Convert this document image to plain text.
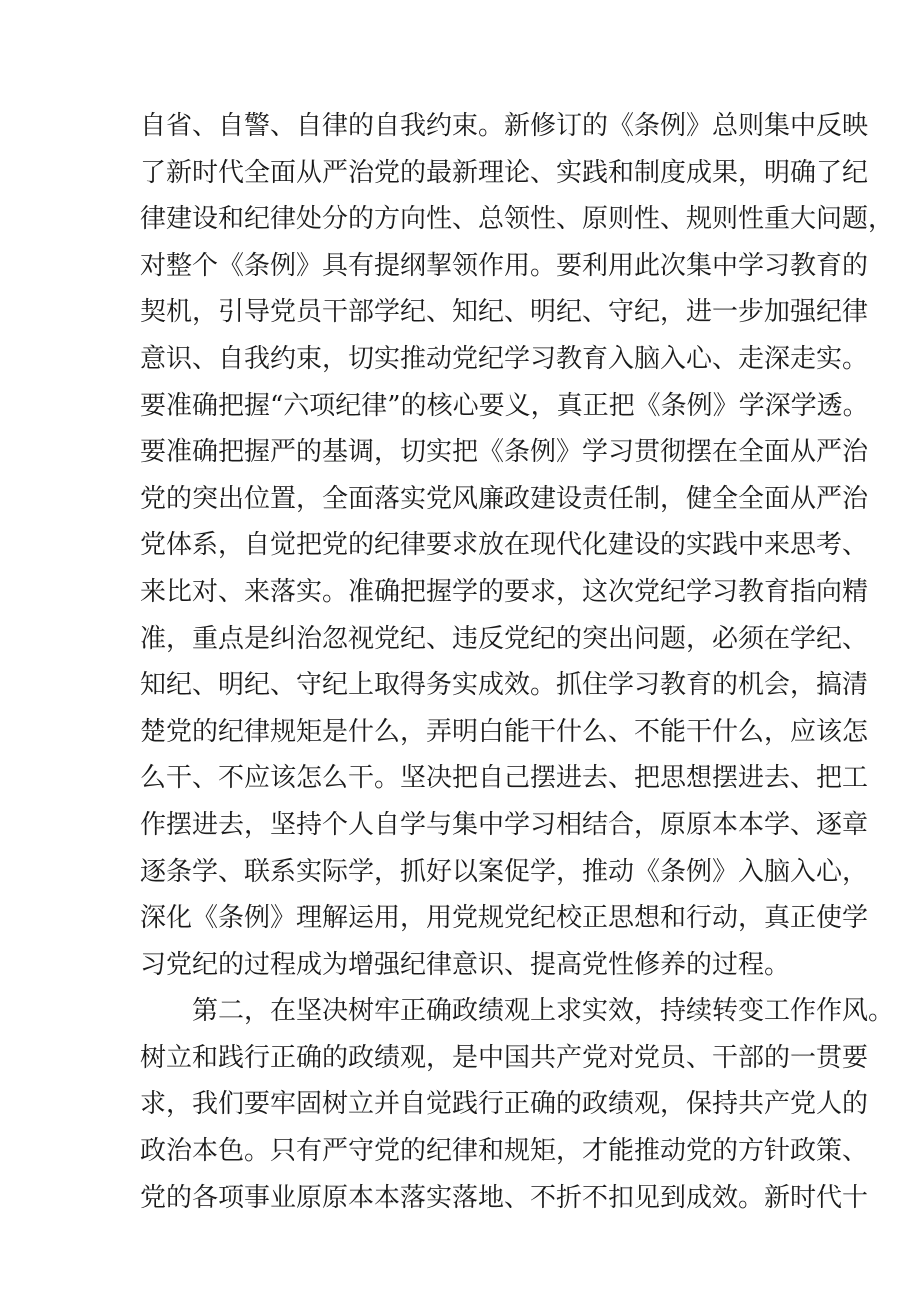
自省、自警、自律的自我约束。新修订的《条例》总则集中反映
了新时代全面从严治党的最新理论、实践和制度成果，明确了纪
律建设和纪律处分的方向性、总领性、原则性、规则性重大问题，
对整个《条例》具有提纲挈领作用。要利用此次集中学习教育的
契机，引导党员干部学纪、知纪、明纪、守纪，进一步加强纪律
意识、自我约束，切实推动党纪学习教育入脑入心、走深走实。
要准确把握“六项纪律”的核心要义，真正把《条例》学深学透。
要准确把握严的基调，切实把《条例》学习贯彻摆在全面从严治
党的突出位置，全面落实党风廉政建设责任制，健全全面从严治
党体系，自觉把党的纪律要求放在现代化建设的实践中来思考、
来比对、来落实。准确把握学的要求，这次党纪学习教育指向精
准，重点是纠治忽视党纪、违反党纪的突出问题，必须在学纪、
知纪、明纪、守纪上取得务实成效。抓住学习教育的机会，搞清
楚党的纪律规矩是什么，弄明白能干什么、不能干什么，应该怎
么干、不应该怎么干。坚决把自己摆进去、把思想摆进去、把工
作摆进去，坚持个人自学与集中学习相结合，原原本本学、逐章
逐条学、联系实际学，抓好以案促学，推动《条例》入脑入心，
深化《条例》理解运用，用党规党纪校正思想和行动，真正使学
习党纪的过程成为增强纪律意识、提高党性修养的过程。
第二，在坚决树牢正确政绩观上求实效，持续转变工作作风。
树立和践行正确的政绩观，是中国共产党对党员、干部的一贯要
求，我们要牢固树立并自觉践行正确的政绩观，保持共产党人的
政治本色。只有严守党的纪律和规矩，才能推动党的方针政策、
党的各项事业原原本本落实落地、不折不扣见到成效。新时代十
